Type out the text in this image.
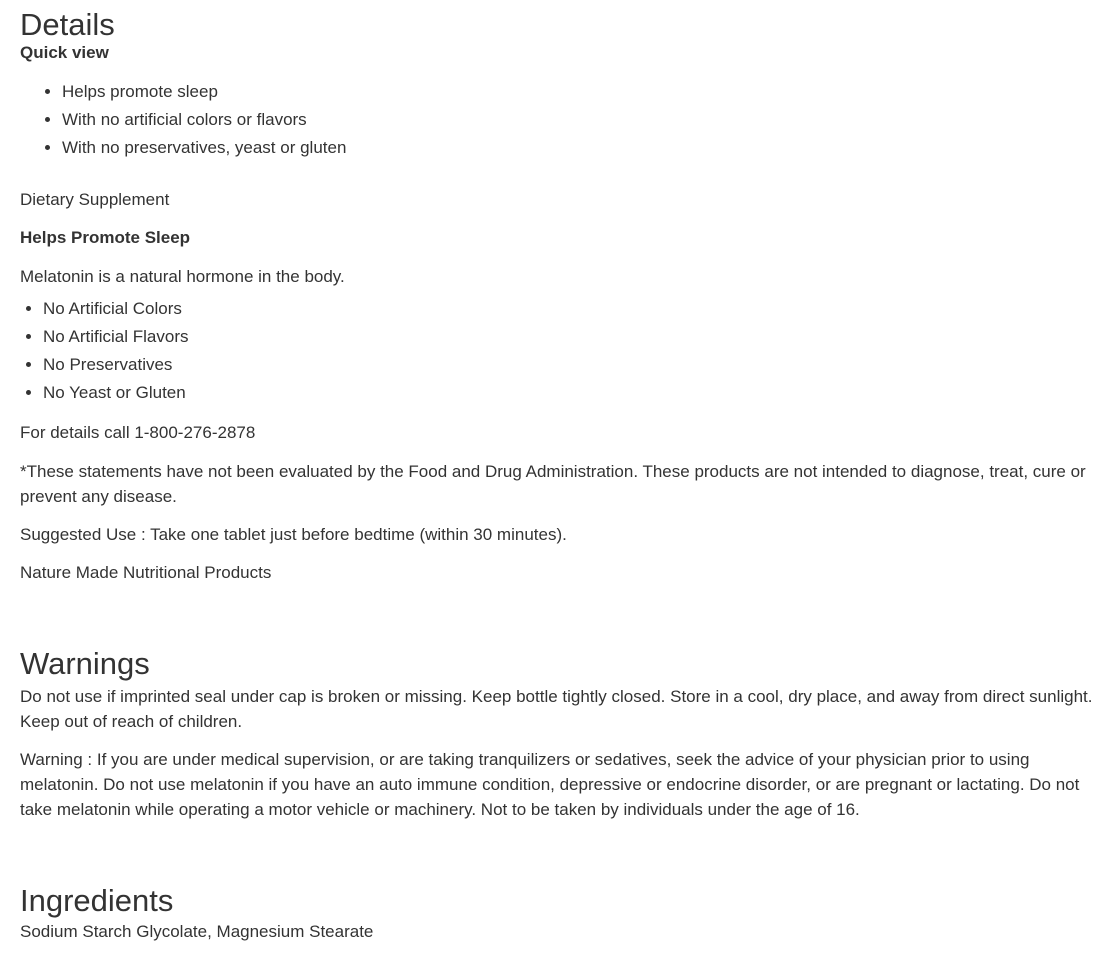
Details

Quick view

• Helps promote sleep
• With no artificial colors or flavors
• With no preservatives, yeast or gluten

Dietary Supplement

Helps Promote Sleep

Melatonin is a natural hormone in the body.

• No Artificial Colors
• No Artificial Flavors
• No Preservatives
• No Yeast or Gluten

For details call 1-800-276-2878

*These statements have not been evaluated by the Food and Drug Administration. These products are not intended to diagnose, treat, cure or prevent any disease.

Suggested Use : Take one tablet just before bedtime (within 30 minutes).

Nature Made Nutritional Products

Warnings

Do not use if imprinted seal under cap is broken or missing. Keep bottle tightly closed. Store in a cool, dry place, and away from direct sunlight. Keep out of reach of children.

Warning : If you are under medical supervision, or are taking tranquilizers or sedatives, seek the advice of your physician prior to using melatonin. Do not use melatonin if you have an auto immune condition, depressive or endocrine disorder, or are pregnant or lactating. Do not take melatonin while operating a motor vehicle or machinery. Not to be taken by individuals under the age of 16.

Ingredients

Sodium Starch Glycolate, Magnesium Stearate
